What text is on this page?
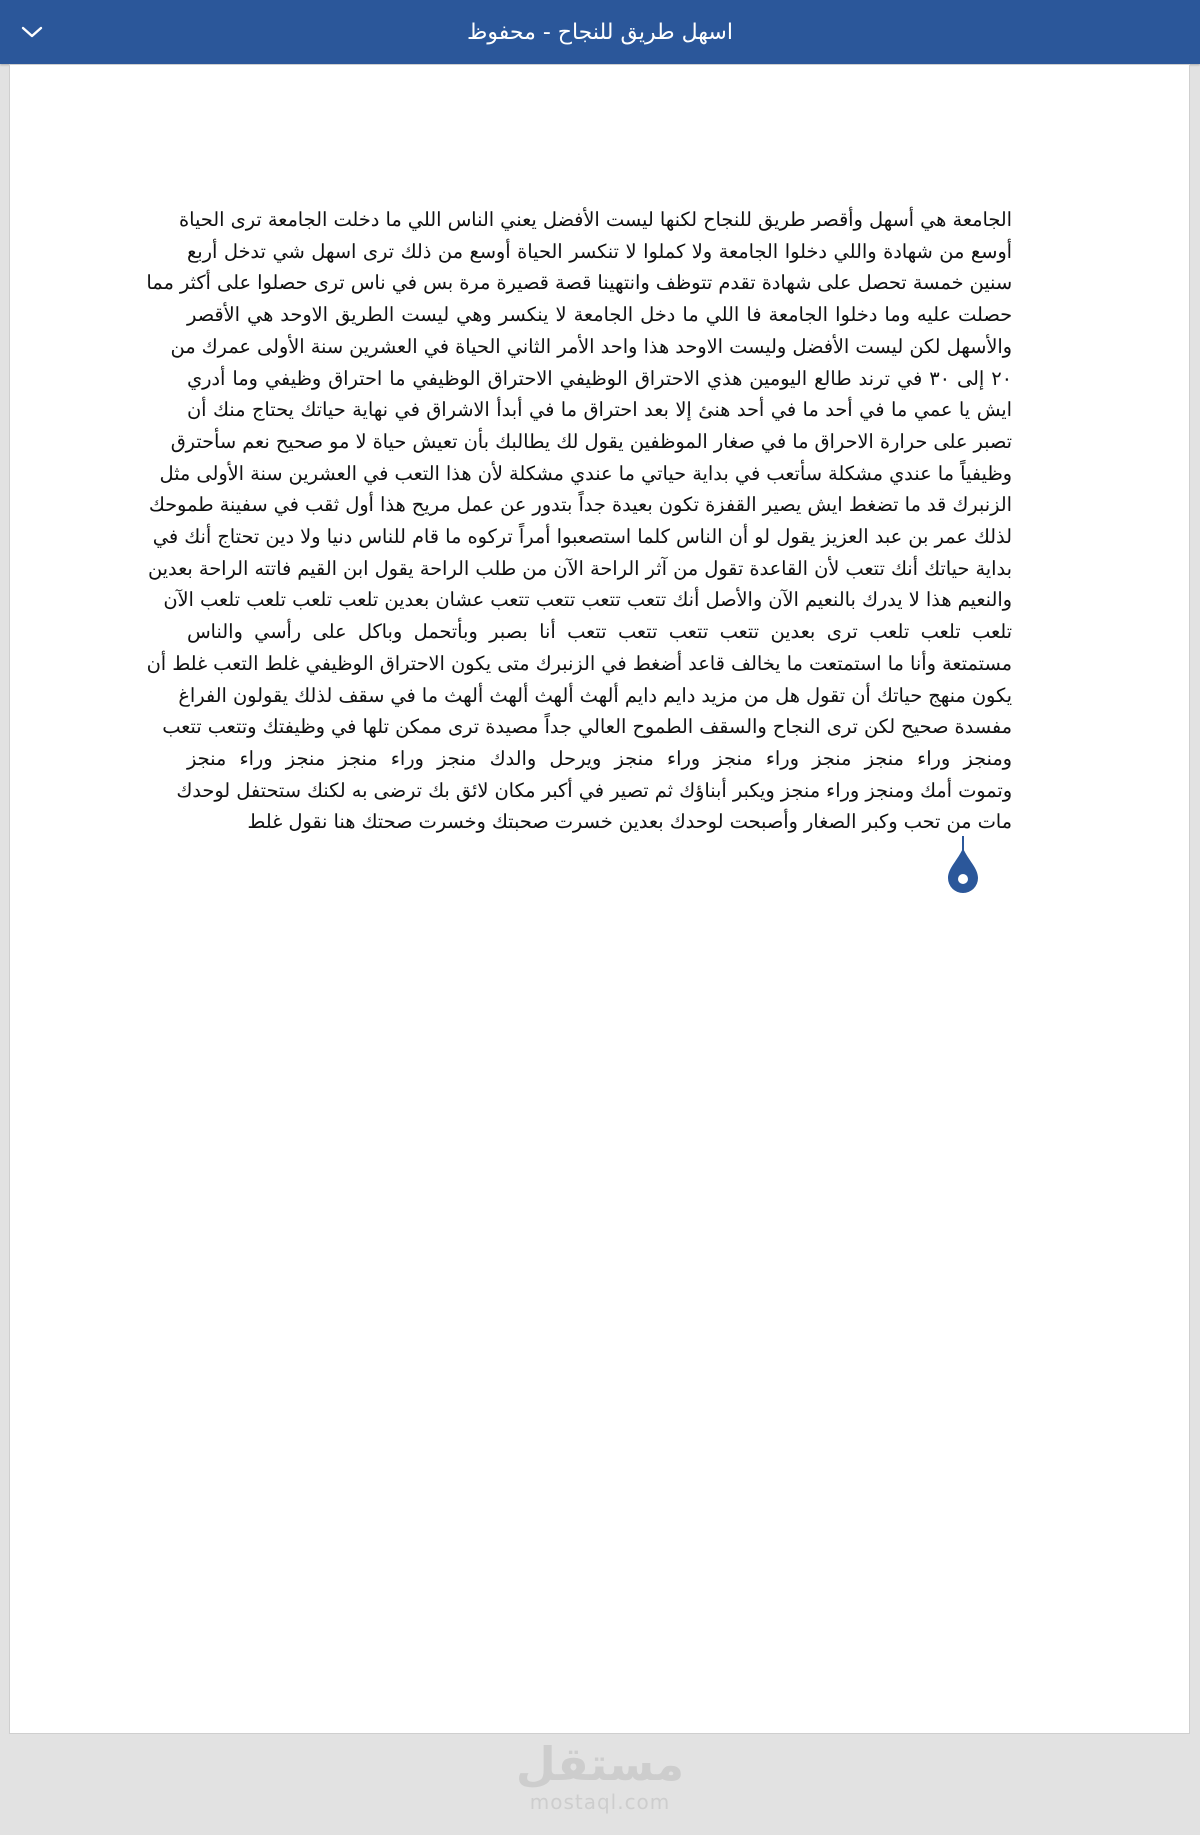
اسهل طريق للنجاح - محفوظ
الجامعة هي أسهل وأقصر طريق للنجاح لكنها ليست الأفضل يعني الناس اللي ما دخلت الجامعة ترى الحياة
أوسع من شهادة واللي دخلوا الجامعة ولا كملوا لا تنكسر الحياة أوسع من ذلك ترى اسهل شي تدخل أربع
سنين خمسة تحصل على شهادة تقدم تتوظف وانتهينا قصة قصيرة مرة بس في ناس ترى حصلوا على أكثر مما
حصلت عليه وما دخلوا الجامعة فا اللي ما دخل الجامعة لا ينكسر وهي ليست الطريق الاوحد هي الأقصر
والأسهل لكن ليست الأفضل وليست الاوحد هذا واحد الأمر الثاني الحياة في العشرين سنة الأولى عمرك من
٢٠ إلى ٣٠ في ترند طالع اليومين هذي الاحتراق الوظيفي الاحتراق الوظيفي ما احتراق وظيفي وما أدري
ايش يا عمي ما في أحد ما في أحد هنئ إلا بعد احتراق ما في أبدأ الاشراق في نهاية حياتك يحتاج منك أن
تصبر على حرارة الاحراق ما في صغار الموظفين يقول لك يطالبك بأن تعيش حياة لا مو صحيح نعم سأحترق
وظيفياً ما عندي مشكلة سأتعب في بداية حياتي ما عندي مشكلة لأن هذا التعب في العشرين سنة الأولى مثل
الزنبرك قد ما تضغط ايش يصير القفزة تكون بعيدة جداً بتدور عن عمل مريح هذا أول ثقب في سفينة طموحك
لذلك عمر بن عبد العزيز يقول لو أن الناس كلما استصعبوا أمراً تركوه ما قام للناس دنيا ولا دين تحتاج أنك في
بداية حياتك أنك تتعب لأن القاعدة تقول من آثر الراحة الآن من طلب الراحة يقول ابن القيم فاتته الراحة بعدين
والنعيم هذا لا يدرك بالنعيم الآن والأصل أنك تتعب تتعب تتعب تتعب عشان بعدين تلعب تلعب تلعب تلعب الآن
تلعب تلعب تلعب ترى بعدين تتعب تتعب تتعب تتعب أنا بصبر وبأتحمل وباكل على رأسي والناس
مستمتعة وأنا ما استمتعت ما يخالف قاعد أضغط في الزنبرك متى يكون الاحتراق الوظيفي غلط التعب غلط أن
يكون منهج حياتك أن تقول هل من مزيد دايم دايم ألهث ألهث ألهث ألهث ما في سقف لذلك يقولون الفراغ
مفسدة صحيح لكن ترى النجاح والسقف الطموح العالي جداً مصيدة ترى ممكن تلها في وظيفتك وتتعب تتعب
ومنجز وراء منجز منجز وراء منجز وراء منجز ويرحل والدك منجز وراء منجز منجز وراء منجز
وتموت أمك ومنجز وراء منجز ويكبر أبناؤك ثم تصير في أكبر مكان لائق بك ترضى به لكنك ستحتفل لوحدك
مات من تحب وكبر الصغار وأصبحت لوحدك بعدين خسرت صحبتك وخسرت صحتك هنا نقول غلط
مستقل
mostaql.com
